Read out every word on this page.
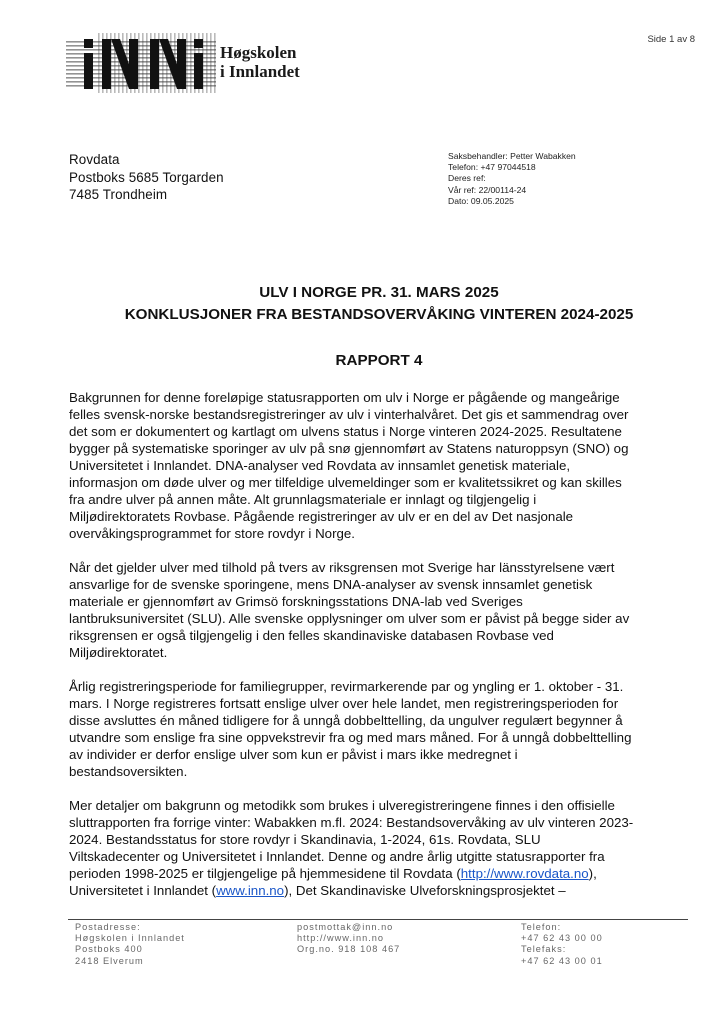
Side 1 av 8
Høgskolen
i Innlandet
Rovdata
Postboks 5685 Torgarden
7485 Trondheim
Saksbehandler: Petter Wabakken
Telefon: +47 97044518
Deres ref:
Vår ref: 22/00114-24
Dato: 09.05.2025
ULV I NORGE PR. 31. MARS 2025
KONKLUSJONER FRA BESTANDSOVERVÅKING VINTEREN 2024-2025
RAPPORT 4

Bakgrunnen for denne foreløpige statusrapporten om ulv i Norge er pågående og mangeårige
felles svensk-norske bestandsregistreringer av ulv i vinterhalvåret. Det gis et sammendrag over
det som er dokumentert og kartlagt om ulvens status i Norge vinteren 2024-2025. Resultatene
bygger på systematiske sporinger av ulv på snø gjennomført av Statens naturoppsyn (SNO) og
Universitetet i Innlandet. DNA-analyser ved Rovdata av innsamlet genetisk materiale,
informasjon om døde ulver og mer tilfeldige ulvemeldinger som er kvalitetssikret og kan skilles
fra andre ulver på annen måte. Alt grunnlagsmateriale er innlagt og tilgjengelig i
Miljødirektoratets Rovbase. Pågående registreringer av ulv er en del av Det nasjonale
overvåkingsprogrammet for store rovdyr i Norge.

Når det gjelder ulver med tilhold på tvers av riksgrensen mot Sverige har länsstyrelsene vært
ansvarlige for de svenske sporingene, mens DNA-analyser av svensk innsamlet genetisk
materiale er gjennomført av Grimsö forskningsstations DNA-lab ved Sveriges
lantbruksuniversitet (SLU). Alle svenske opplysninger om ulver som er påvist på begge sider av
riksgrensen er også tilgjengelig i den felles skandinaviske databasen Rovbase ved
Miljødirektoratet.

Årlig registreringsperiode for familiegrupper, revirmarkerende par og yngling er 1. oktober - 31.
mars. I Norge registreres fortsatt enslige ulver over hele landet, men registreringsperioden for
disse avsluttes én måned tidligere for å unngå dobbelttelling, da ungulver regulært begynner å
utvandre som enslige fra sine oppvekstrevir fra og med mars måned. For å unngå dobbelttelling
av individer er derfor enslige ulver som kun er påvist i mars ikke medregnet i
bestandsoversikten.

Mer detaljer om bakgrunn og metodikk som brukes i ulveregistreringene finnes i den offisielle
sluttrapporten fra forrige vinter: Wabakken m.fl. 2024: Bestandsovervåking av ulv vinteren 2023-
2024. Bestandsstatus for store rovdyr i Skandinavia, 1-2024, 61s. Rovdata, SLU
Viltskadecenter og Universitetet i Innlandet. Denne og andre årlig utgitte statusrapporter fra
perioden 1998-2025 er tilgjengelige på hjemmesidene til Rovdata (http://www.rovdata.no),
Universitetet i Innlandet (www.inn.no), Det Skandinaviske Ulveforskningsprosjektet –

Postadresse:
Høgskolen i Innlandet
Postboks 400
2418 Elverum
postmottak@inn.no
http://www.inn.no
Org.no. 918 108 467
Telefon:
+47 62 43 00 00
Telefaks:
+47 62 43 00 01
